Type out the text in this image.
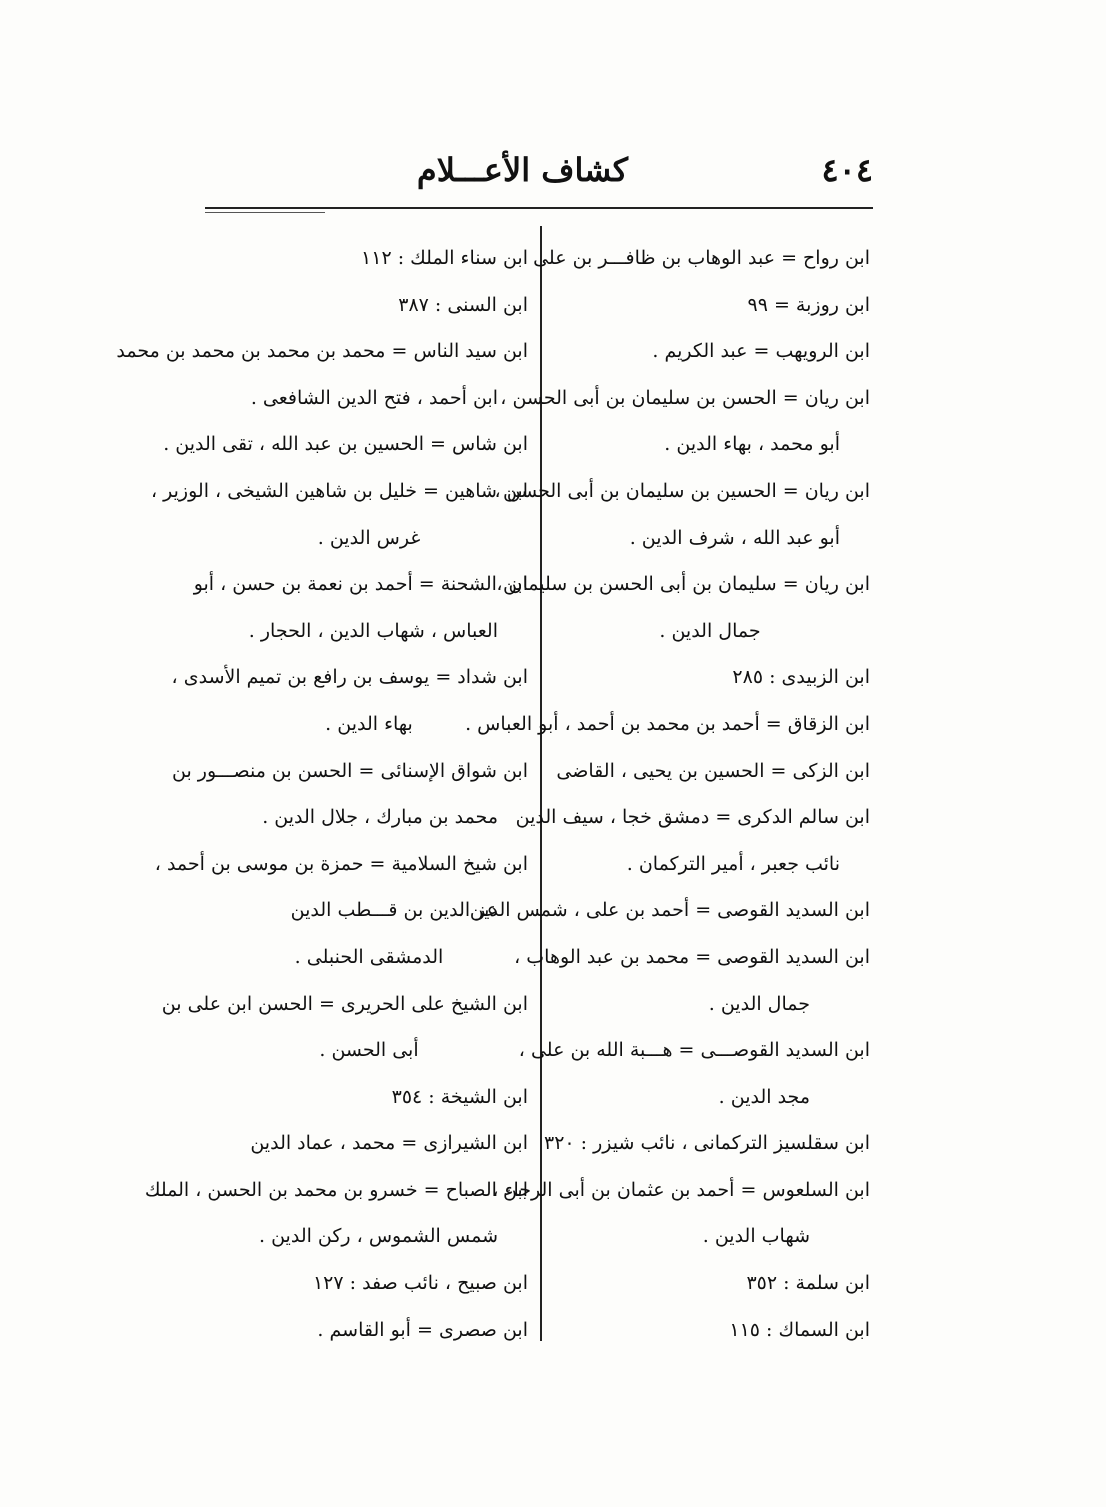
٤٠٤
كشاف الأعـــلام
ابن رواح = عبد الوهاب بن ظافـــر بن على
ابن روزبة = ٩٩
ابن الرويهب = عبد الكريم .
ابن ريان = الحسن بن سليمان بن أبى الحسن ،
أبو محمد ، بهاء الدين .
ابن ريان = الحسين بن سليمان بن أبى الحسن ،
أبو عبد الله ، شرف الدين .
ابن ريان = سليمان بن أبى الحسن بن سليمان ،
جمال الدين .
ابن الزبيدى : ٢٨٥
ابن الزقاق = أحمد بن محمد بن أحمد ، أبو العباس .
ابن الزكى = الحسين بن يحيى ، القاضى
ابن سالم الدكرى = دمشق خجا ، سيف الدين
نائب جعبر ، أمير التركمان .
ابن السديد القوصى = أحمد بن على ، شمس الدين .
ابن السديد القوصى = محمد بن عبد الوهاب ،
جمال الدين .
ابن السديد القوصـــى = هـــبة الله بن على ،
مجد الدين .
ابن سقلسيز التركمانى ، نائب شيزر : ٣٢٠
ابن السلعوس = أحمد بن عثمان بن أبى الرجاء ،
شهاب الدين .
ابن سلمة : ٣٥٢
ابن السماك : ١١٥
ابن سناء الملك : ١١٢
ابن السنى : ٣٨٧
ابن سيد الناس = محمد بن محمد بن محمد بن محمد
ابن أحمد ، فتح الدين الشافعى .
ابن شاس = الحسين بن عبد الله ، تقى الدين .
ابن شاهين = خليل بن شاهين الشيخى ، الوزير ،
غرس الدين .
ابن الشحنة = أحمد بن نعمة بن حسن ، أبو
العباس ، شهاب الدين ، الحجار .
ابن شداد = يوسف بن رافع بن تميم الأسدى ،
بهاء الدين .
ابن شواق الإسنائى = الحسن بن منصـــور بن
محمد بن مبارك ، جلال الدين .
ابن شيخ السلامية = حمزة بن موسى بن أحمد ،
عز الدين بن قـــطب الدين
الدمشقى الحنبلى .
ابن الشيخ على الحريرى = الحسن ابن على بن
أبى الحسن .
ابن الشيخة : ٣٥٤
ابن الشيرازى = محمد ، عماد الدين
ابن الصباح = خسرو بن محمد بن الحسن ، الملك
شمس الشموس ، ركن الدين .
ابن صبيح ، نائب صفد : ١٢٧
ابن صصرى = أبو القاسم .
